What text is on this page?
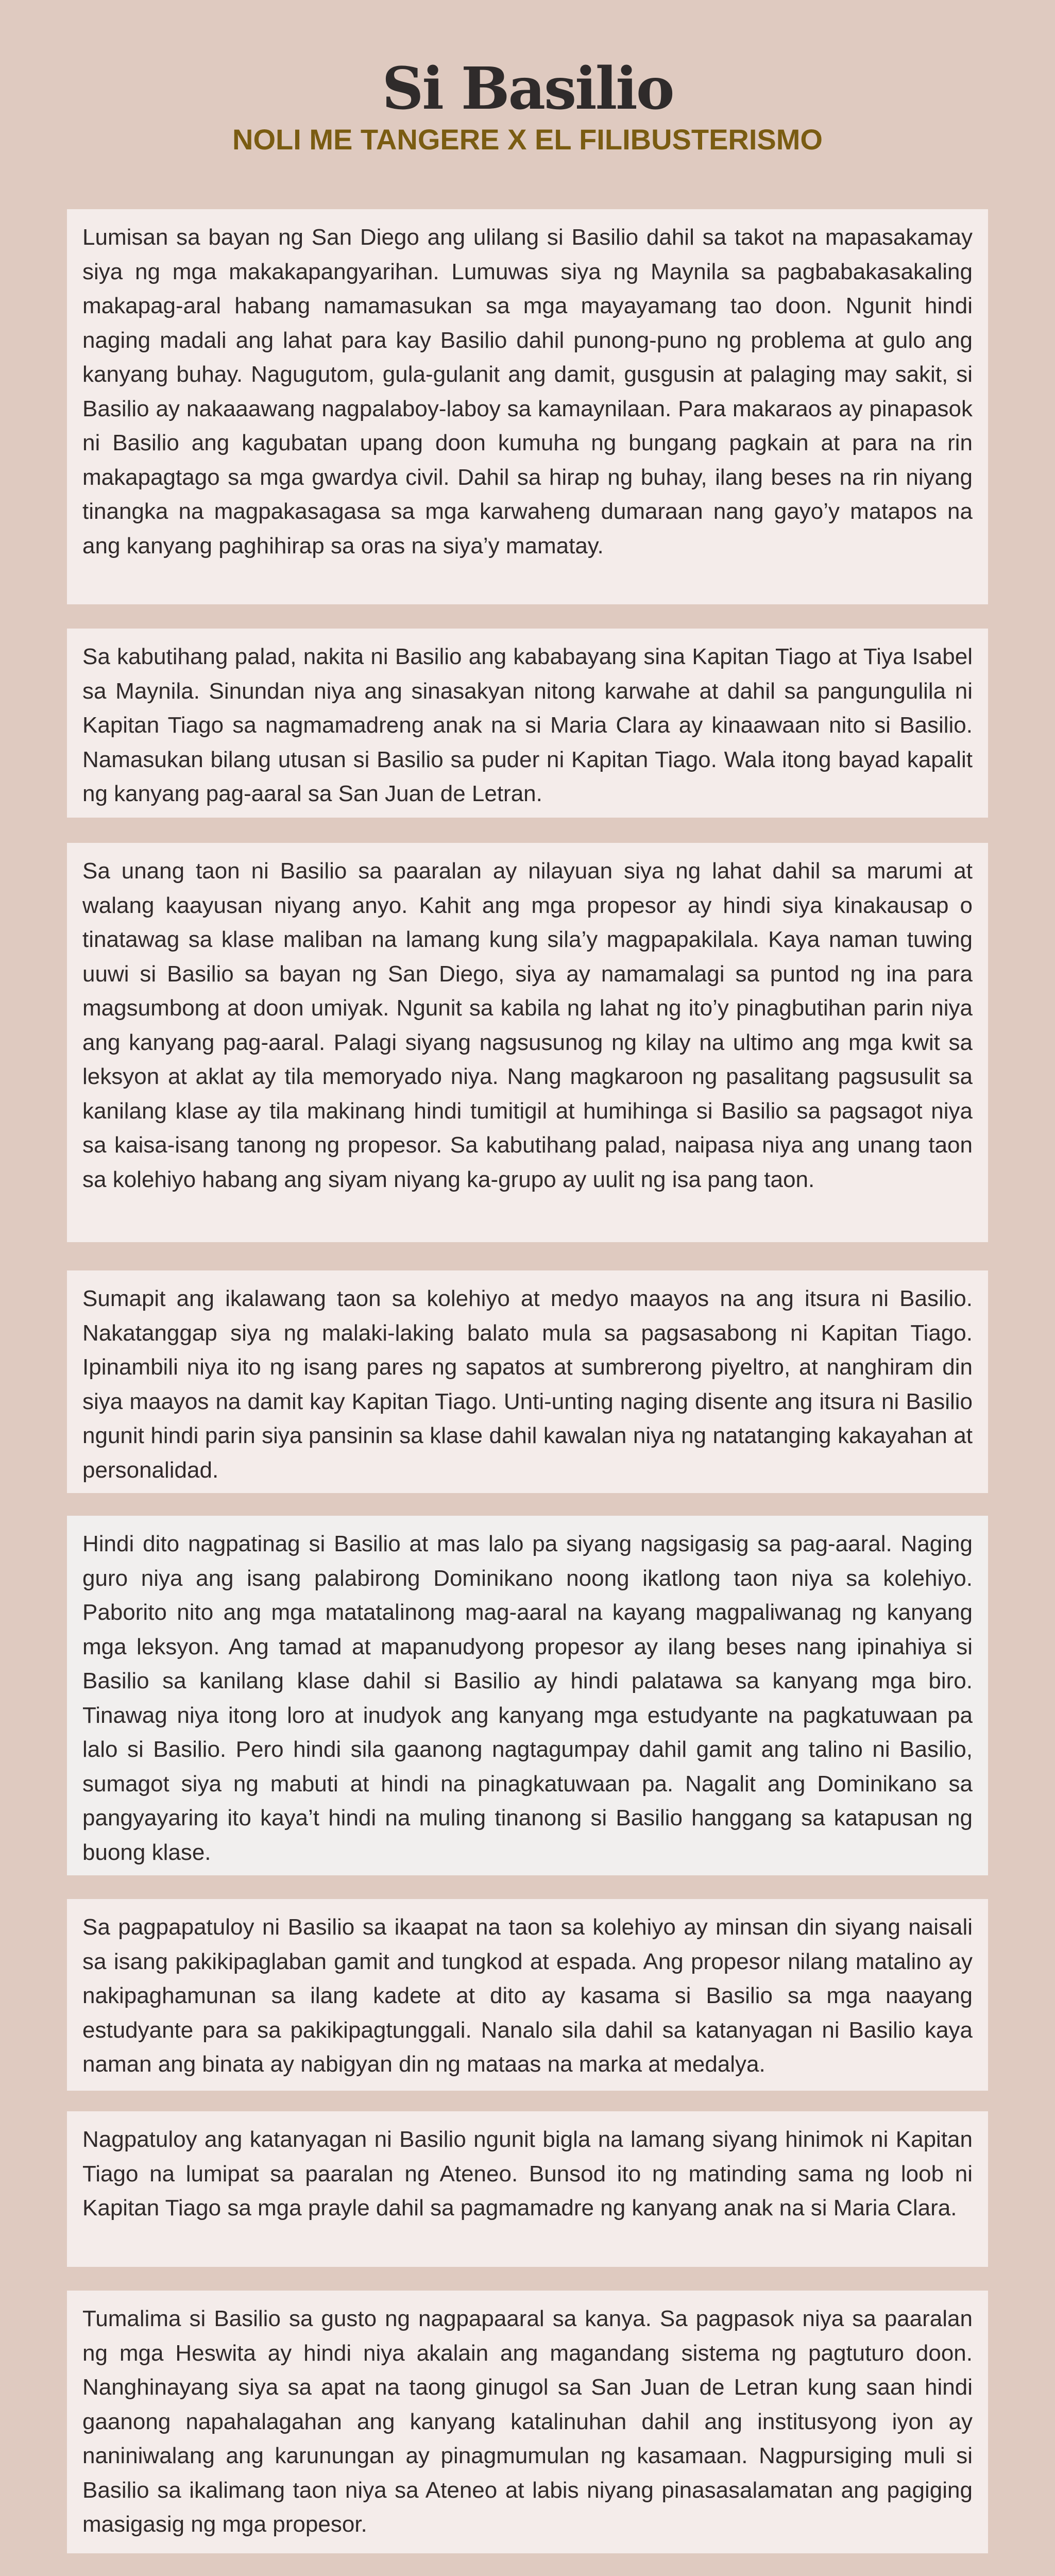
Si Basilio
NOLI ME TANGERE X EL FILIBUSTERISMO

Lumisan sa bayan ng San Diego ang ulilang si Basilio dahil sa takot na mapasakamay siya ng mga makakapangyarihan. Lumuwas siya ng Maynila sa pagbabakasakaling makapag-aral habang namamasukan sa mga mayayamang tao doon. Ngunit hindi naging madali ang lahat para kay Basilio dahil punong-puno ng problema at gulo ang kanyang buhay. Nagugutom, gula-gulanit ang damit, gusgusin at palaging may sakit, si Basilio ay nakaaawang nagpalaboy-laboy sa kamaynilaan. Para makaraos ay pinapasok ni Basilio ang kagubatan upang doon kumuha ng bungang pagkain at para na rin makapagtago sa mga gwardya civil. Dahil sa hirap ng buhay, ilang beses na rin niyang tinangka na magpakasagasa sa mga karwaheng dumaraan nang gayo’y matapos na ang kanyang paghihirap sa oras na siya’y mamatay.

Sa kabutihang palad, nakita ni Basilio ang kababayang sina Kapitan Tiago at Tiya Isabel sa Maynila. Sinundan niya ang sinasakyan nitong karwahe at dahil sa pangungulila ni Kapitan Tiago sa nagmamadreng anak na si Maria Clara ay kinaawaan nito si Basilio. Namasukan bilang utusan si Basilio sa puder ni Kapitan Tiago. Wala itong bayad kapalit ng kanyang pag-aaral sa San Juan de Letran.

Sa unang taon ni Basilio sa paaralan ay nilayuan siya ng lahat dahil sa marumi at walang kaayusan niyang anyo. Kahit ang mga propesor ay hindi siya kinakausap o tinatawag sa klase maliban na lamang kung sila’y magpapakilala. Kaya naman tuwing uuwi si Basilio sa bayan ng San Diego, siya ay namamalagi sa puntod ng ina para magsumbong at doon umiyak. Ngunit sa kabila ng lahat ng ito’y pinagbutihan parin niya ang kanyang pag-aaral. Palagi siyang nagsusunog ng kilay na ultimo ang mga kwit sa leksyon at aklat ay tila memoryado niya. Nang magkaroon ng pasalitang pagsusulit sa kanilang klase ay tila makinang hindi tumitigil at humihinga si Basilio sa pagsagot niya sa kaisa-isang tanong ng propesor. Sa kabutihang palad, naipasa niya ang unang taon sa kolehiyo habang ang siyam niyang ka-grupo ay uulit ng isa pang taon.

Sumapit ang ikalawang taon sa kolehiyo at medyo maayos na ang itsura ni Basilio. Nakatanggap siya ng malaki-laking balato mula sa pagsasabong ni Kapitan Tiago. Ipinambili niya ito ng isang pares ng sapatos at sumbrerong piyeltro, at nanghiram din siya maayos na damit kay Kapitan Tiago. Unti-unting naging disente ang itsura ni Basilio ngunit hindi parin siya pansinin sa klase dahil kawalan niya ng natatanging kakayahan at personalidad.

Hindi dito nagpatinag si Basilio at mas lalo pa siyang nagsigasig sa pag-aaral. Naging guro niya ang isang palabirong Dominikano noong ikatlong taon niya sa kolehiyo. Paborito nito ang mga matatalinong mag-aaral na kayang magpaliwanag ng kanyang mga leksyon. Ang tamad at mapanudyong propesor ay ilang beses nang ipinahiya si Basilio sa kanilang klase dahil si Basilio ay hindi palatawa sa kanyang mga biro. Tinawag niya itong loro at inudyok ang kanyang mga estudyante na pagkatuwaan pa lalo si Basilio. Pero hindi sila gaanong nagtagumpay dahil gamit ang talino ni Basilio, sumagot siya ng mabuti at hindi na pinagkatuwaan pa. Nagalit ang Dominikano sa pangyayaring ito kaya’t hindi na muling tinanong si Basilio hanggang sa katapusan ng buong klase.

Sa pagpapatuloy ni Basilio sa ikaapat na taon sa kolehiyo ay minsan din siyang naisali sa isang pakikipaglaban gamit and tungkod at espada. Ang propesor nilang matalino ay nakipaghamunan sa ilang kadete at dito ay kasama si Basilio sa mga naayang estudyante para sa pakikipagtunggali. Nanalo sila dahil sa katanyagan ni Basilio kaya naman ang binata ay nabigyan din ng mataas na marka at medalya.

Nagpatuloy ang katanyagan ni Basilio ngunit bigla na lamang siyang hinimok ni Kapitan Tiago na lumipat sa paaralan ng Ateneo. Bunsod ito ng matinding sama ng loob ni Kapitan Tiago sa mga prayle dahil sa pagmamadre ng kanyang anak na si Maria Clara.

Tumalima si Basilio sa gusto ng nagpapaaral sa kanya. Sa pagpasok niya sa paaralan ng mga Heswita ay hindi niya akalain ang magandang sistema ng pagtuturo doon. Nanghinayang siya sa apat na taong ginugol sa San Juan de Letran kung saan hindi gaanong napahalagahan ang kanyang katalinuhan dahil ang institusyong iyon ay naniniwalang ang karunungan ay pinagmumulan ng kasamaan. Nagpursiging muli si Basilio sa ikalimang taon niya sa Ateneo at labis niyang pinasasalamatan ang pagiging masigasig ng mga propesor.
